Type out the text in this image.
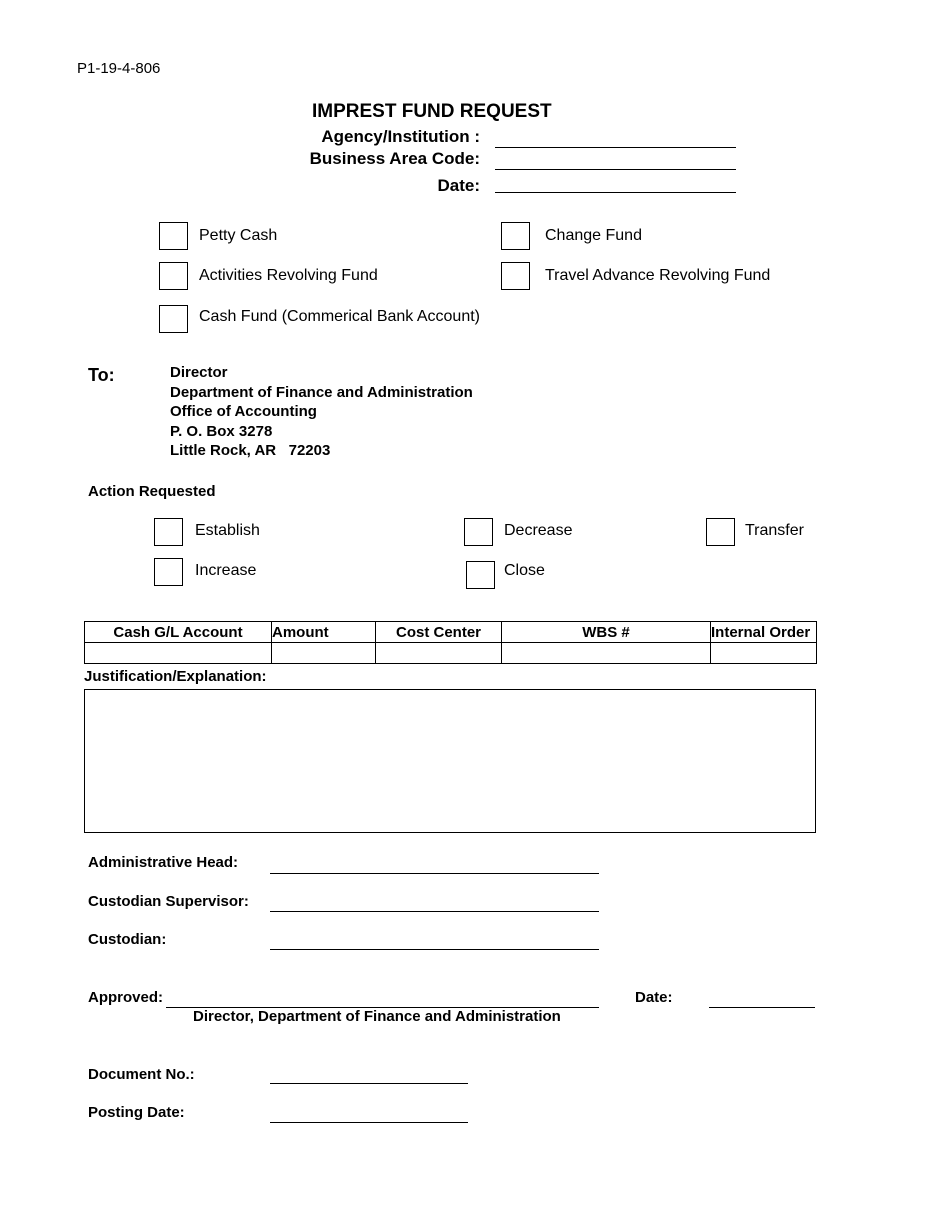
P1-19-4-806
IMPREST FUND REQUEST
Agency/Institution :
Business Area Code:
Date:
Petty Cash	Change Fund
Activities Revolving Fund	Travel Advance Revolving Fund
Cash Fund (Commerical Bank Account)
To:	Director
Department of Finance and Administration
Office of Accounting
P. O. Box 3278
Little Rock, AR   72203
Action Requested
Establish	Decrease	Transfer
Increase	Close
Cash G/L Account	Amount	Cost Center	WBS #	Internal Order

Justification/Explanation:
Administrative Head:
Custodian Supervisor:
Custodian:
Approved:
Director, Department of Finance and Administration
Date:
Document No.:
Posting Date:
